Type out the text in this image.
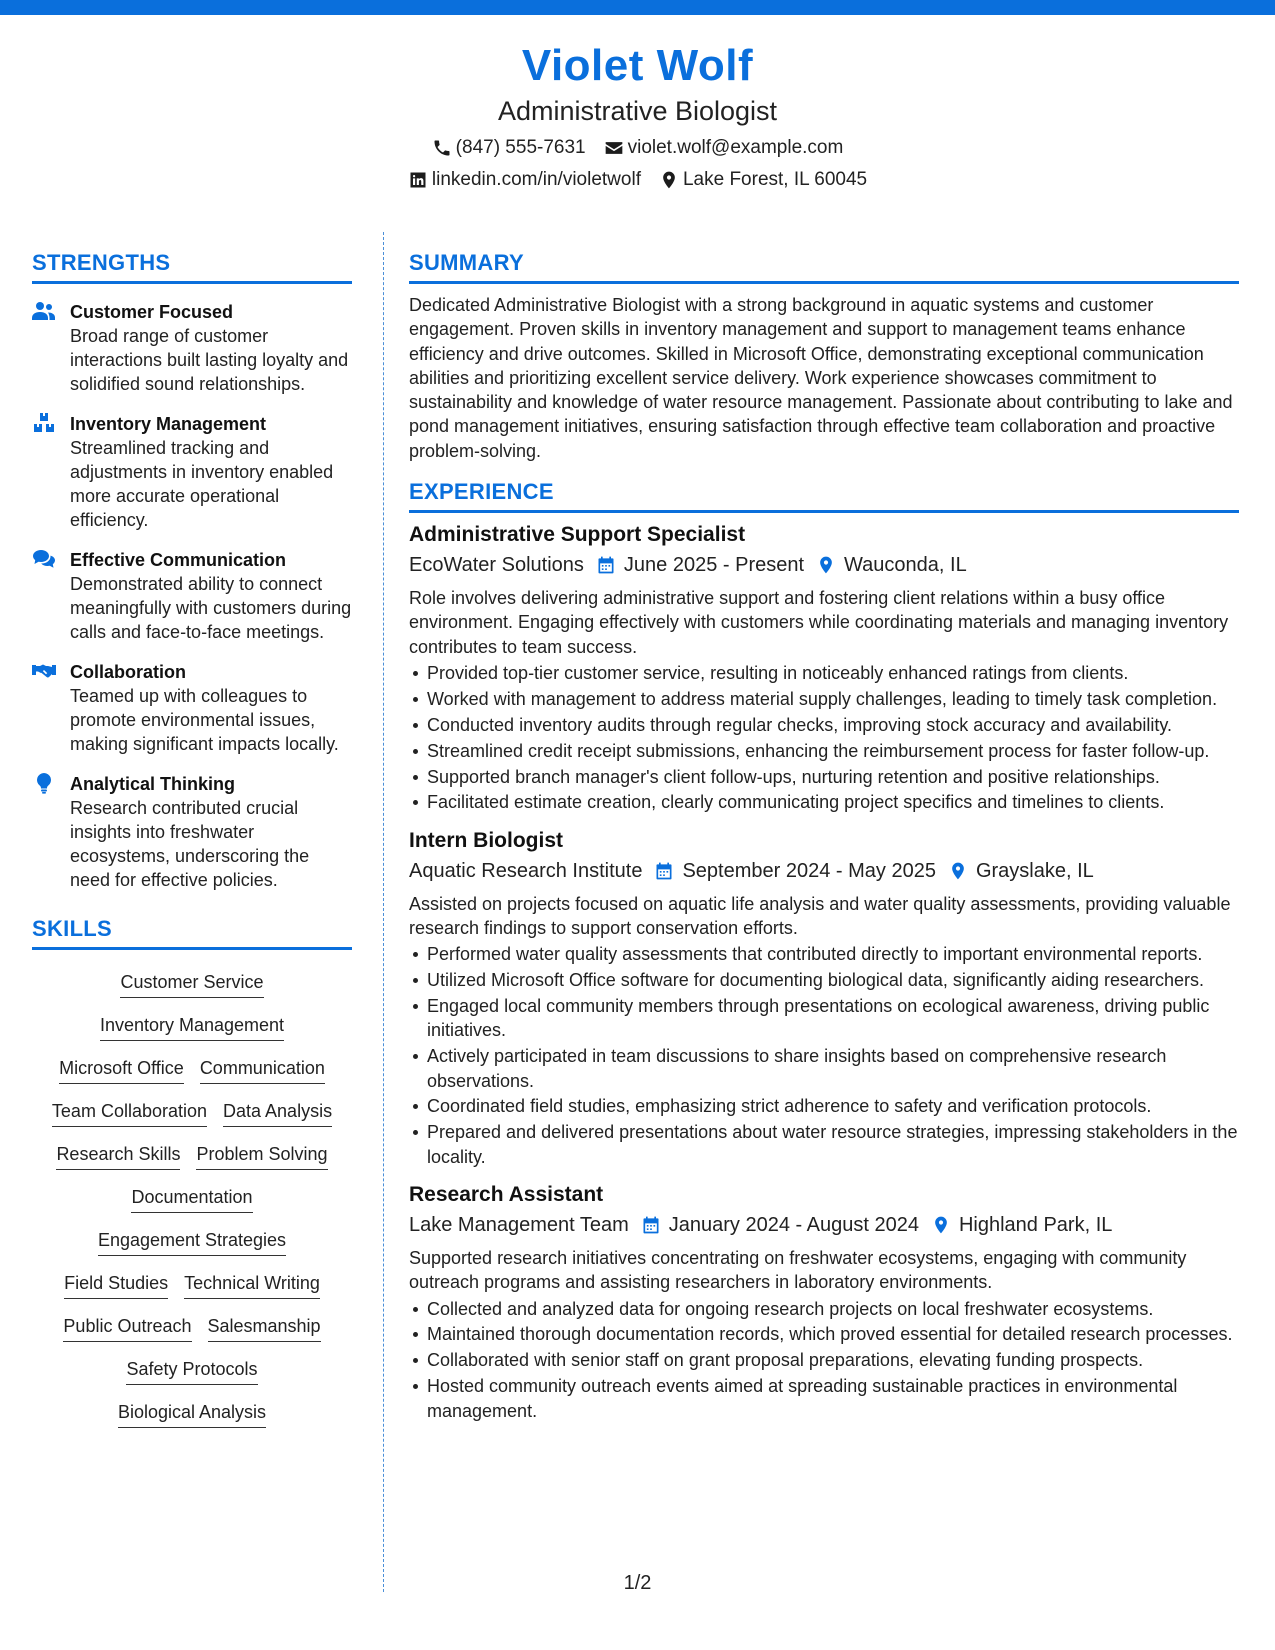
Violet Wolf
Administrative Biologist
(847) 555-7631 violet.wolf@example.com
linkedin.com/in/violetwolf Lake Forest, IL 60045
STRENGTHS
Customer Focused
Broad range of customer interactions built lasting loyalty and solidified sound relationships.
Inventory Management
Streamlined tracking and adjustments in inventory enabled more accurate operational efficiency.
Effective Communication
Demonstrated ability to connect meaningfully with customers during calls and face-to-face meetings.
Collaboration
Teamed up with colleagues to promote environmental issues, making significant impacts locally.
Analytical Thinking
Research contributed crucial insights into freshwater ecosystems, underscoring the need for effective policies.
SKILLS
Customer Service
Inventory Management
Microsoft Office Communication
Team Collaboration Data Analysis
Research Skills Problem Solving
Documentation
Engagement Strategies
Field Studies Technical Writing
Public Outreach Salesmanship
Safety Protocols
Biological Analysis
SUMMARY
Dedicated Administrative Biologist with a strong background in aquatic systems and customer engagement. Proven skills in inventory management and support to management teams enhance efficiency and drive outcomes. Skilled in Microsoft Office, demonstrating exceptional communication abilities and prioritizing excellent service delivery. Work experience showcases commitment to sustainability and knowledge of water resource management. Passionate about contributing to lake and pond management initiatives, ensuring satisfaction through effective team collaboration and proactive problem-solving.
EXPERIENCE
Administrative Support Specialist
EcoWater Solutions June 2025 - Present Wauconda, IL
Role involves delivering administrative support and fostering client relations within a busy office environment. Engaging effectively with customers while coordinating materials and managing inventory contributes to team success.
Provided top-tier customer service, resulting in noticeably enhanced ratings from clients.
Worked with management to address material supply challenges, leading to timely task completion.
Conducted inventory audits through regular checks, improving stock accuracy and availability.
Streamlined credit receipt submissions, enhancing the reimbursement process for faster follow-up.
Supported branch manager's client follow-ups, nurturing retention and positive relationships.
Facilitated estimate creation, clearly communicating project specifics and timelines to clients.
Intern Biologist
Aquatic Research Institute September 2024 - May 2025 Grayslake, IL
Assisted on projects focused on aquatic life analysis and water quality assessments, providing valuable research findings to support conservation efforts.
Performed water quality assessments that contributed directly to important environmental reports.
Utilized Microsoft Office software for documenting biological data, significantly aiding researchers.
Engaged local community members through presentations on ecological awareness, driving public initiatives.
Actively participated in team discussions to share insights based on comprehensive research observations.
Coordinated field studies, emphasizing strict adherence to safety and verification protocols.
Prepared and delivered presentations about water resource strategies, impressing stakeholders in the locality.
Research Assistant
Lake Management Team January 2024 - August 2024 Highland Park, IL
Supported research initiatives concentrating on freshwater ecosystems, engaging with community outreach programs and assisting researchers in laboratory environments.
Collected and analyzed data for ongoing research projects on local freshwater ecosystems.
Maintained thorough documentation records, which proved essential for detailed research processes.
Collaborated with senior staff on grant proposal preparations, elevating funding prospects.
Hosted community outreach events aimed at spreading sustainable practices in environmental management.
1/2
